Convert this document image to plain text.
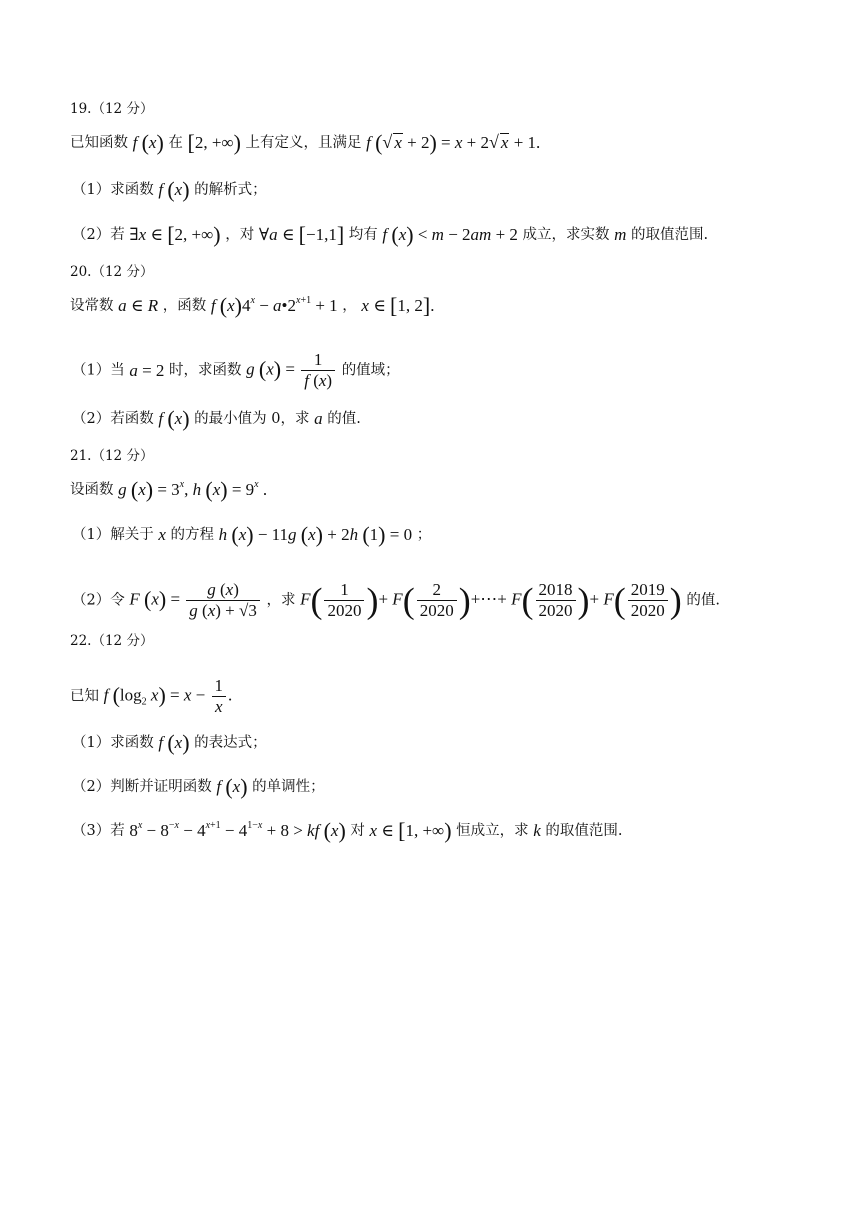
19.（12 分）
已知函数 f (x) 在 [2, +∞) 上有定义，且满足 f (√ x + 2) = x + 2√ x + 1.
（1）求函数 f (x) 的解析式；
（2）若 ∃x ∈ [2, +∞) ，对 ∀a ∈ [−1,1] 均有 f (x) < m − 2am + 2 成立，求实数 m 的取值范围.
20.（12 分）
设常数 a ∈ R ，函数 f $(x)4^x$ − $a•2^{x+1} + 1$ ， x ∈ [1, 2].
（1）当 a = 2 时，求函数 g $(x) = \frac{1}{f (x)}$ 的值域；
（2）若函数 f (x) 的最小值为 0，求 a 的值.
21.（12 分）
设函数 g $(x) = 3^x$, h $(x) = 9^x$ .
（1）解关于 x 的方程 h (x) − 11g (x) + 2h (1) = 0 ；
（2）令 F $(x) = \frac{g (x)}{g (x) + √3}$ ，求 $F( \frac{1}{2020}$ )+ $F( \frac{2}{2020}$ )+⋯+ $F( \frac{2018}{2020}$ )+ $F( \frac{2019}{2020}$ ) 的值.
22.（12 分）
已知 f ($\log_2$ $x) = x - \frac{1}{x}$ .
（1）求函数 f (x) 的表达式；
（2）判断并证明函数 f (x) 的单调性；
（3）若 $8^x - 8^{-x} - 4^{x+1} - 4^{1-x} + 8$ > kf (x) 对 x ∈ [1, +∞) 恒成立，求 k 的取值范围.
